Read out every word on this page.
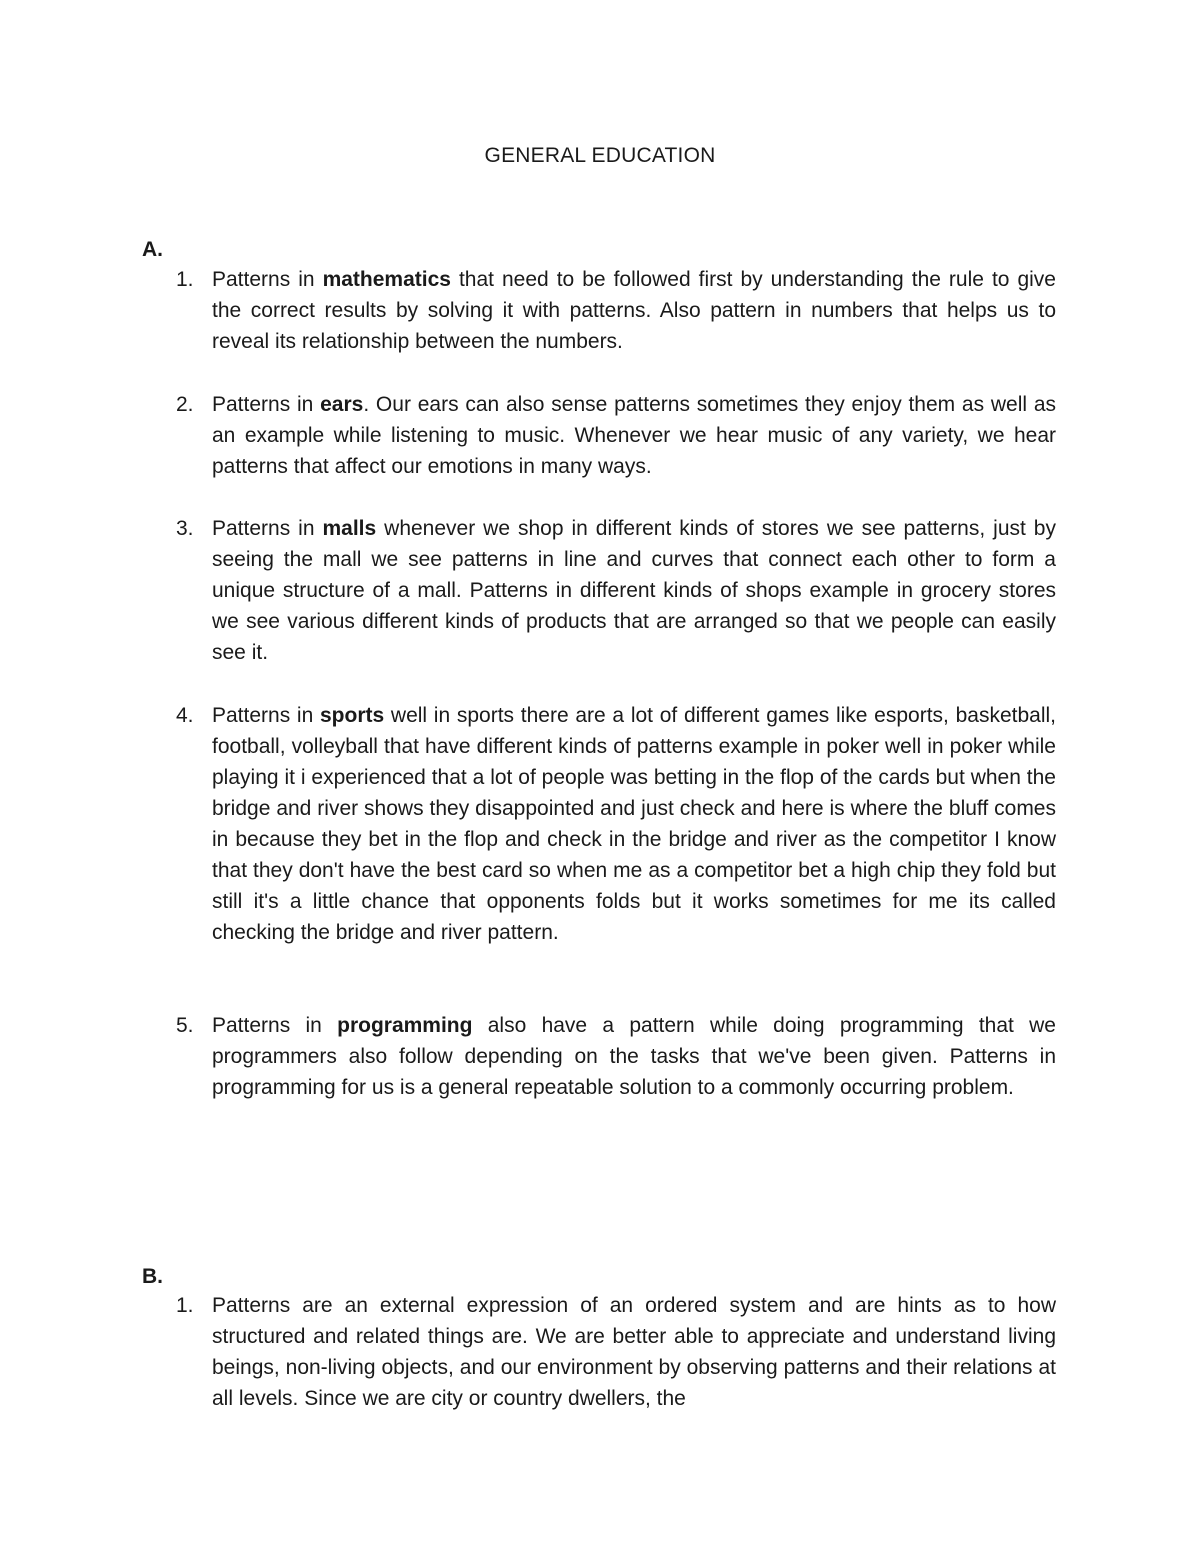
GENERAL EDUCATION
A.
1. Patterns in mathematics that need to be followed first by understanding the rule to give the correct results by solving it with patterns. Also pattern in numbers that helps us to reveal its relationship between the numbers.

2. Patterns in ears. Our ears can also sense patterns sometimes they enjoy them as well as an example while listening to music. Whenever we hear music of any variety, we hear patterns that affect our emotions in many ways.

3. Patterns in malls whenever we shop in different kinds of stores we see patterns, just by seeing the mall we see patterns in line and curves that connect each other to form a unique structure of a mall. Patterns in different kinds of shops example in grocery stores we see various different kinds of products that are arranged so that we people can easily see it.

4. Patterns in sports well in sports there are a lot of different games like esports, basketball, football, volleyball that have different kinds of patterns example in poker well in poker while playing it i experienced that a lot of people was betting in the flop of the cards but when the bridge and river shows they disappointed and just check and here is where the bluff comes in because they bet in the flop and check in the bridge and river as the competitor I know that they don't have the best card so when me as a competitor bet a high chip they fold but still it's a little chance that opponents folds but it works sometimes for me its called checking the bridge and river pattern.

5. Patterns in programming also have a pattern while doing programming that we programmers also follow depending on the tasks that we've been given. Patterns in programming for us is a general repeatable solution to a commonly occurring problem.

B.
1. Patterns are an external expression of an ordered system and are hints as to how structured and related things are. We are better able to appreciate and understand living beings, non-living objects, and our environment by observing patterns and their relations at all levels. Since we are city or country dwellers, the
